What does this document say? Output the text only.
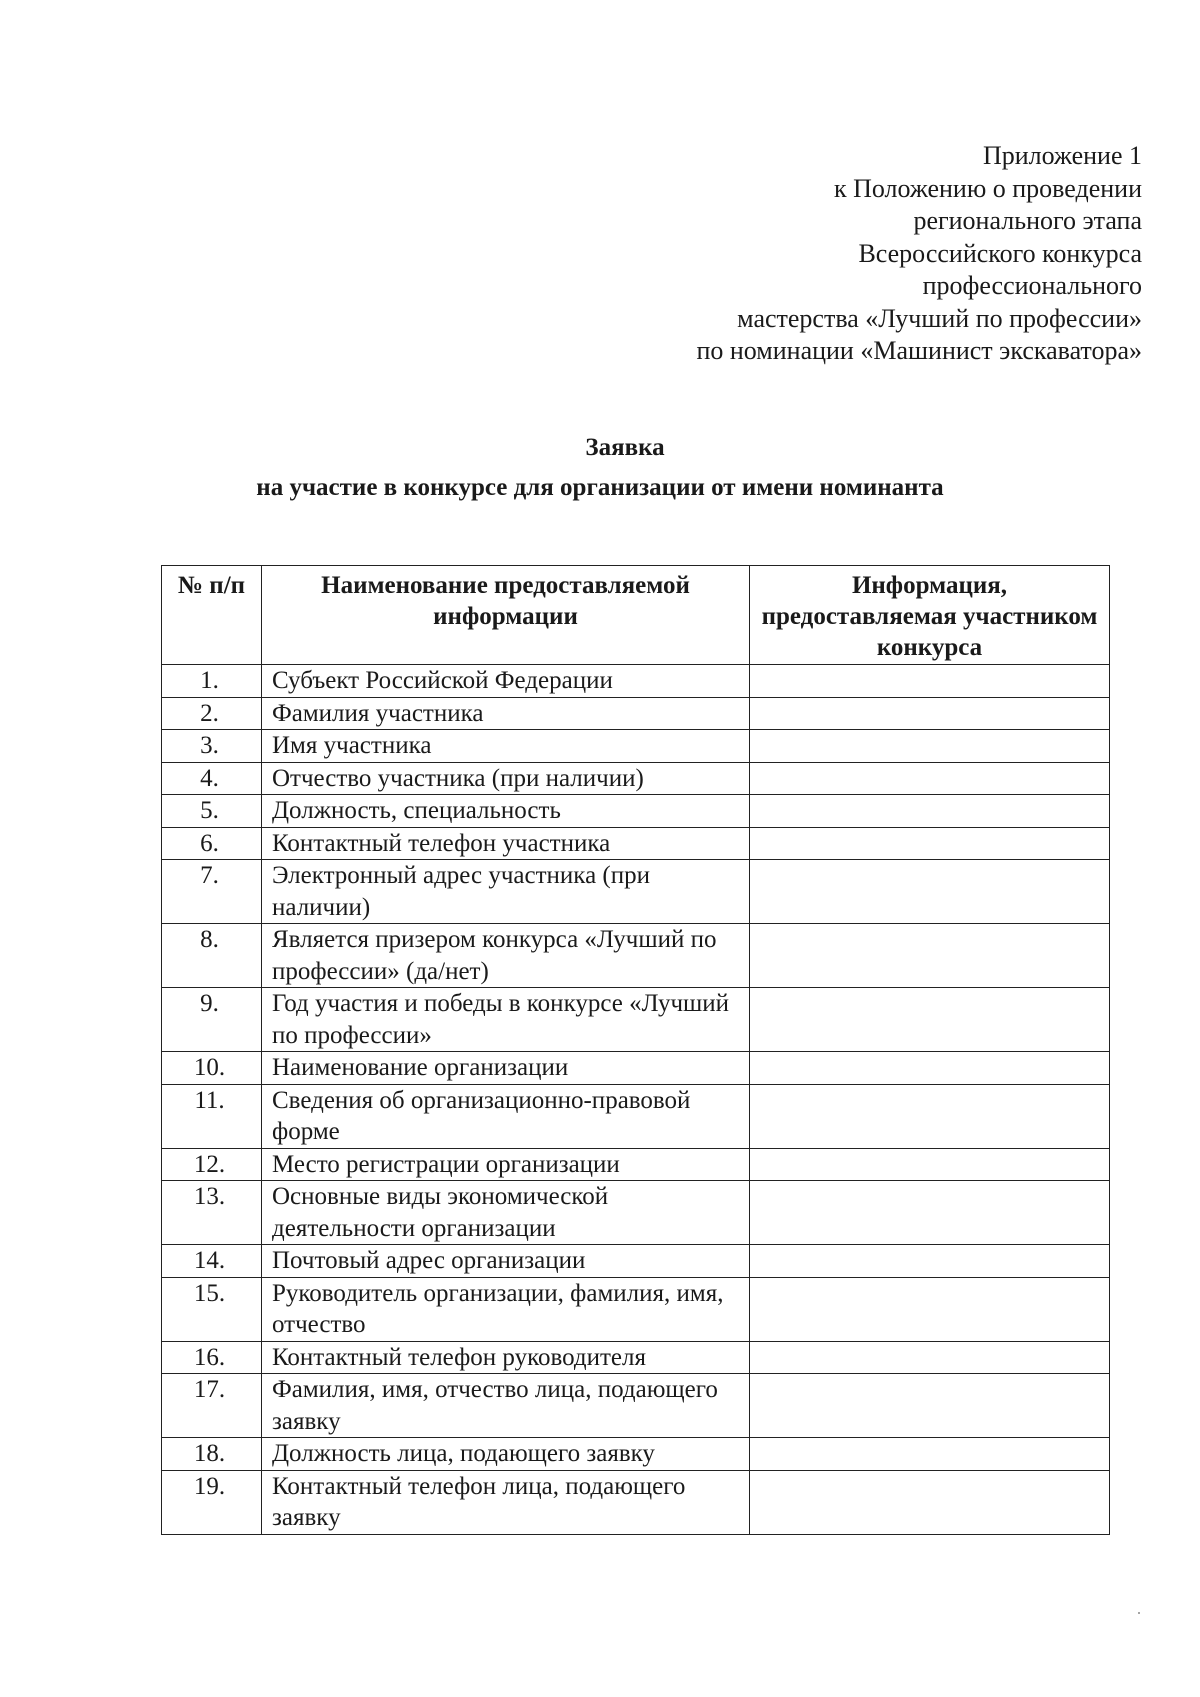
Приложение 1
к Положению о проведении
регионального этапа
Всероссийского конкурса
профессионального
мастерства «Лучший по профессии»
по номинации «Машинист экскаватора»
Заявка
на участие в конкурсе для организации от имени номинанта
№ п/п	Наименование предоставляемой информации	Информация, предоставляемая участником конкурса
1.	Субъект Российской Федерации	
2.	Фамилия участника	
3.	Имя участника	
4.	Отчество участника (при наличии)	
5.	Должность, специальность	
6.	Контактный телефон участника	
7.	Электронный адрес участника (при наличии)	
8.	Является призером конкурса «Лучший по профессии» (да/нет)	
9.	Год участия и победы в конкурсе «Лучший по профессии»	
10.	Наименование организации	
11.	Сведения об организационно-правовой форме	
12.	Место регистрации организации	
13.	Основные виды экономической деятельности организации	
14.	Почтовый адрес организации	
15.	Руководитель организации, фамилия, имя, отчество	
16.	Контактный телефон руководителя	
17.	Фамилия, имя, отчество лица, подающего заявку	
18.	Должность лица, подающего заявку	
19.	Контактный телефон лица, подающего заявку	
